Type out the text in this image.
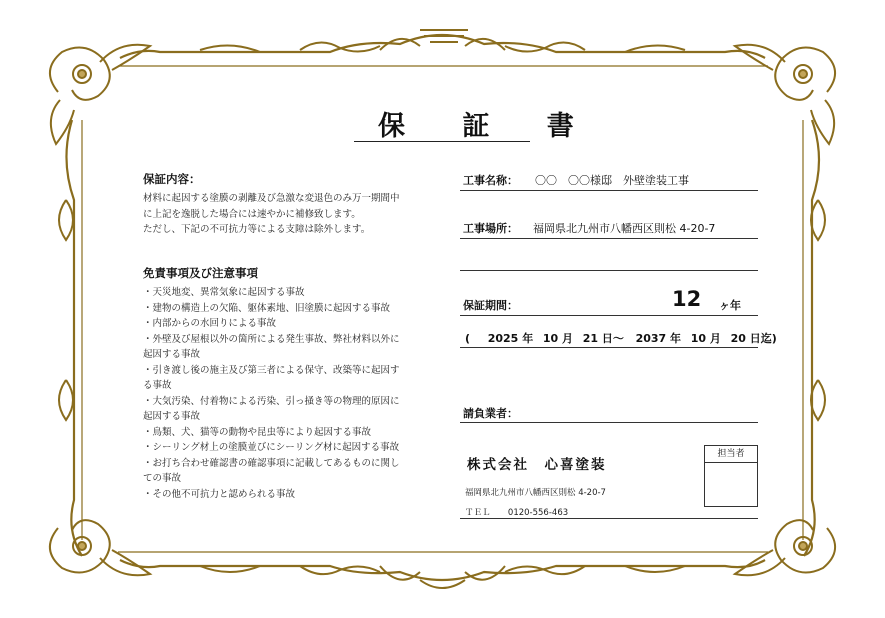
保 証 書
保証内容：
材料に起因する塗膜の剥離及び急激な変退色のみ万一期間中
に上記を逸脱した場合には速やかに補修致します。
ただし、下記の不可抗力等による支障は除外します。
免責事項及び注意事項
・天災地変、異常気象に起因する事故
・建物の構造上の欠陥、躯体素地、旧塗膜に起因する事故
・内部からの水回りによる事故
・外壁及び屋根以外の箇所による発生事故、弊社材料以外に
起因する事故
・引き渡し後の施主及び第三者による保守、改築等に起因す
る事故
・大気汚染、付着物による汚染、引っ掻き等の物理的原因に
起因する事故
・鳥類、犬、猫等の動物や昆虫等により起因する事故
・シーリング材上の塗膜並びにシーリング材に起因する事故
・お打ち合わせ確認書の確認事項に記載してあるものに関し
ての事故
・その他不可抗力と認められる事故
工事名称： 〇〇　〇〇様邸　外壁塗装工事
工事場所： 福岡県北九州市八幡西区則松 4-20-7
保証期間：	12 ヶ年
( 2025 年 10 月 21 日～ 2037 年 10 月 20 日迄)
請負業者：
株式会社　心喜塗装
福岡県北九州市八幡西区則松 4-20-7
ＴＥＬ 0120-556-463
担当者
